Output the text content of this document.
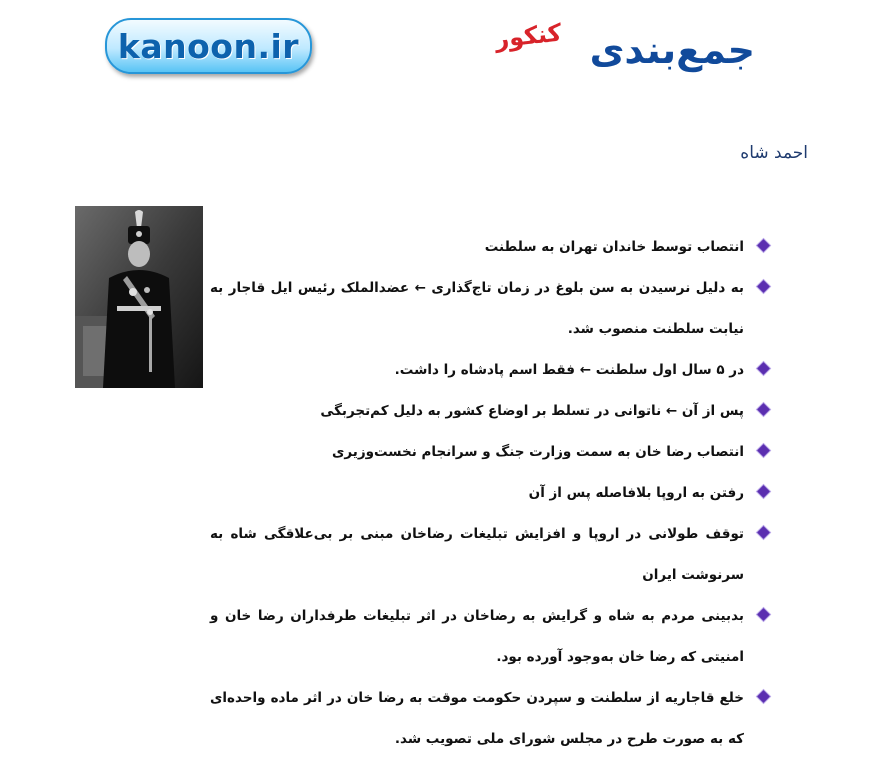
kanoon.ir	کنکور جمع‌بندی
احمد شاه
انتصاب توسط خاندان تهران به سلطنت
به دلیل نرسیدن به سن بلوغ در زمان تاج‌گذاری ← عضدالملک رئیس ایل قاجار به نیابت سلطنت منصوب شد.
در ۵ سال اول سلطنت ← فقط اسم پادشاه را داشت.
پس از آن ← ناتوانی در تسلط بر اوضاع کشور به دلیل کم‌تجربگی
انتصاب رضا خان به سمت وزارت جنگ و سرانجام نخست‌وزیری
رفتن به اروپا بلافاصله پس از آن
توقف طولانی در اروپا و افزایش تبلیغات رضاخان مبنی بر بی‌علاقگی شاه به سرنوشت ایران
بدبینی مردم به شاه و گرایش به رضاخان در اثر تبلیغات طرفداران رضا خان و امنیتی که رضا خان به‌وجود آورده بود.
خلع قاجاریه از سلطنت و سپردن حکومت موقت به رضا خان در اثر ماده واحده‌ای که به صورت طرح در مجلس شورای ملی تصویب شد.
